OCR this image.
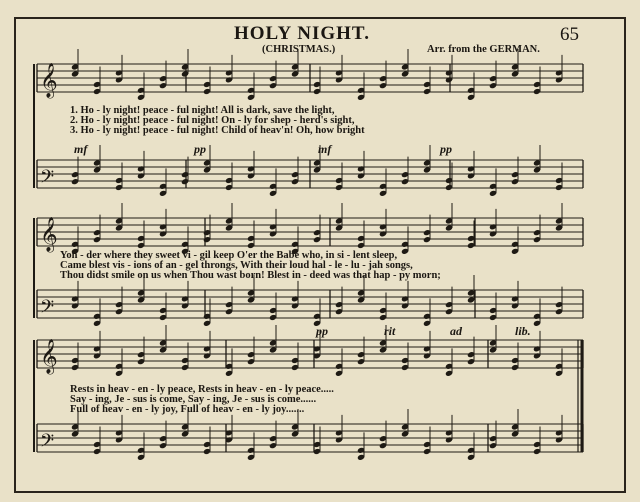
HOLY NIGHT.	65
(CHRISTMAS.)	Arr. from the GERMAN.
𝄞
𝄢
𝄞
𝄢
𝄞
𝄢
1. Ho - ly night! peace - ful night! All is dark, save the light,
2. Ho - ly night! peace - ful night! On - ly for shep - herd's sight,
3. Ho - ly night! peace - ful night! Child of heav'n! Oh, how bright
mf	pp	mf	pp
Yon - der where they sweet vi - gil keep O'er the Babe who, in si - lent sleep,
Came blest vis - ions of an - gel throngs, With their loud hal - le - lu - jah songs,
Thou didst smile on us when Thou wast born! Blest in - deed was that hap - py morn;
pp	rit	ad	lib.
Rests in heav - en - ly peace, Rests in heav - en - ly peace.....
Say - ing, Je - sus is come, Say - ing, Je - sus is come......
Full of heav - en - ly joy, Full of heav - en - ly joy.......
